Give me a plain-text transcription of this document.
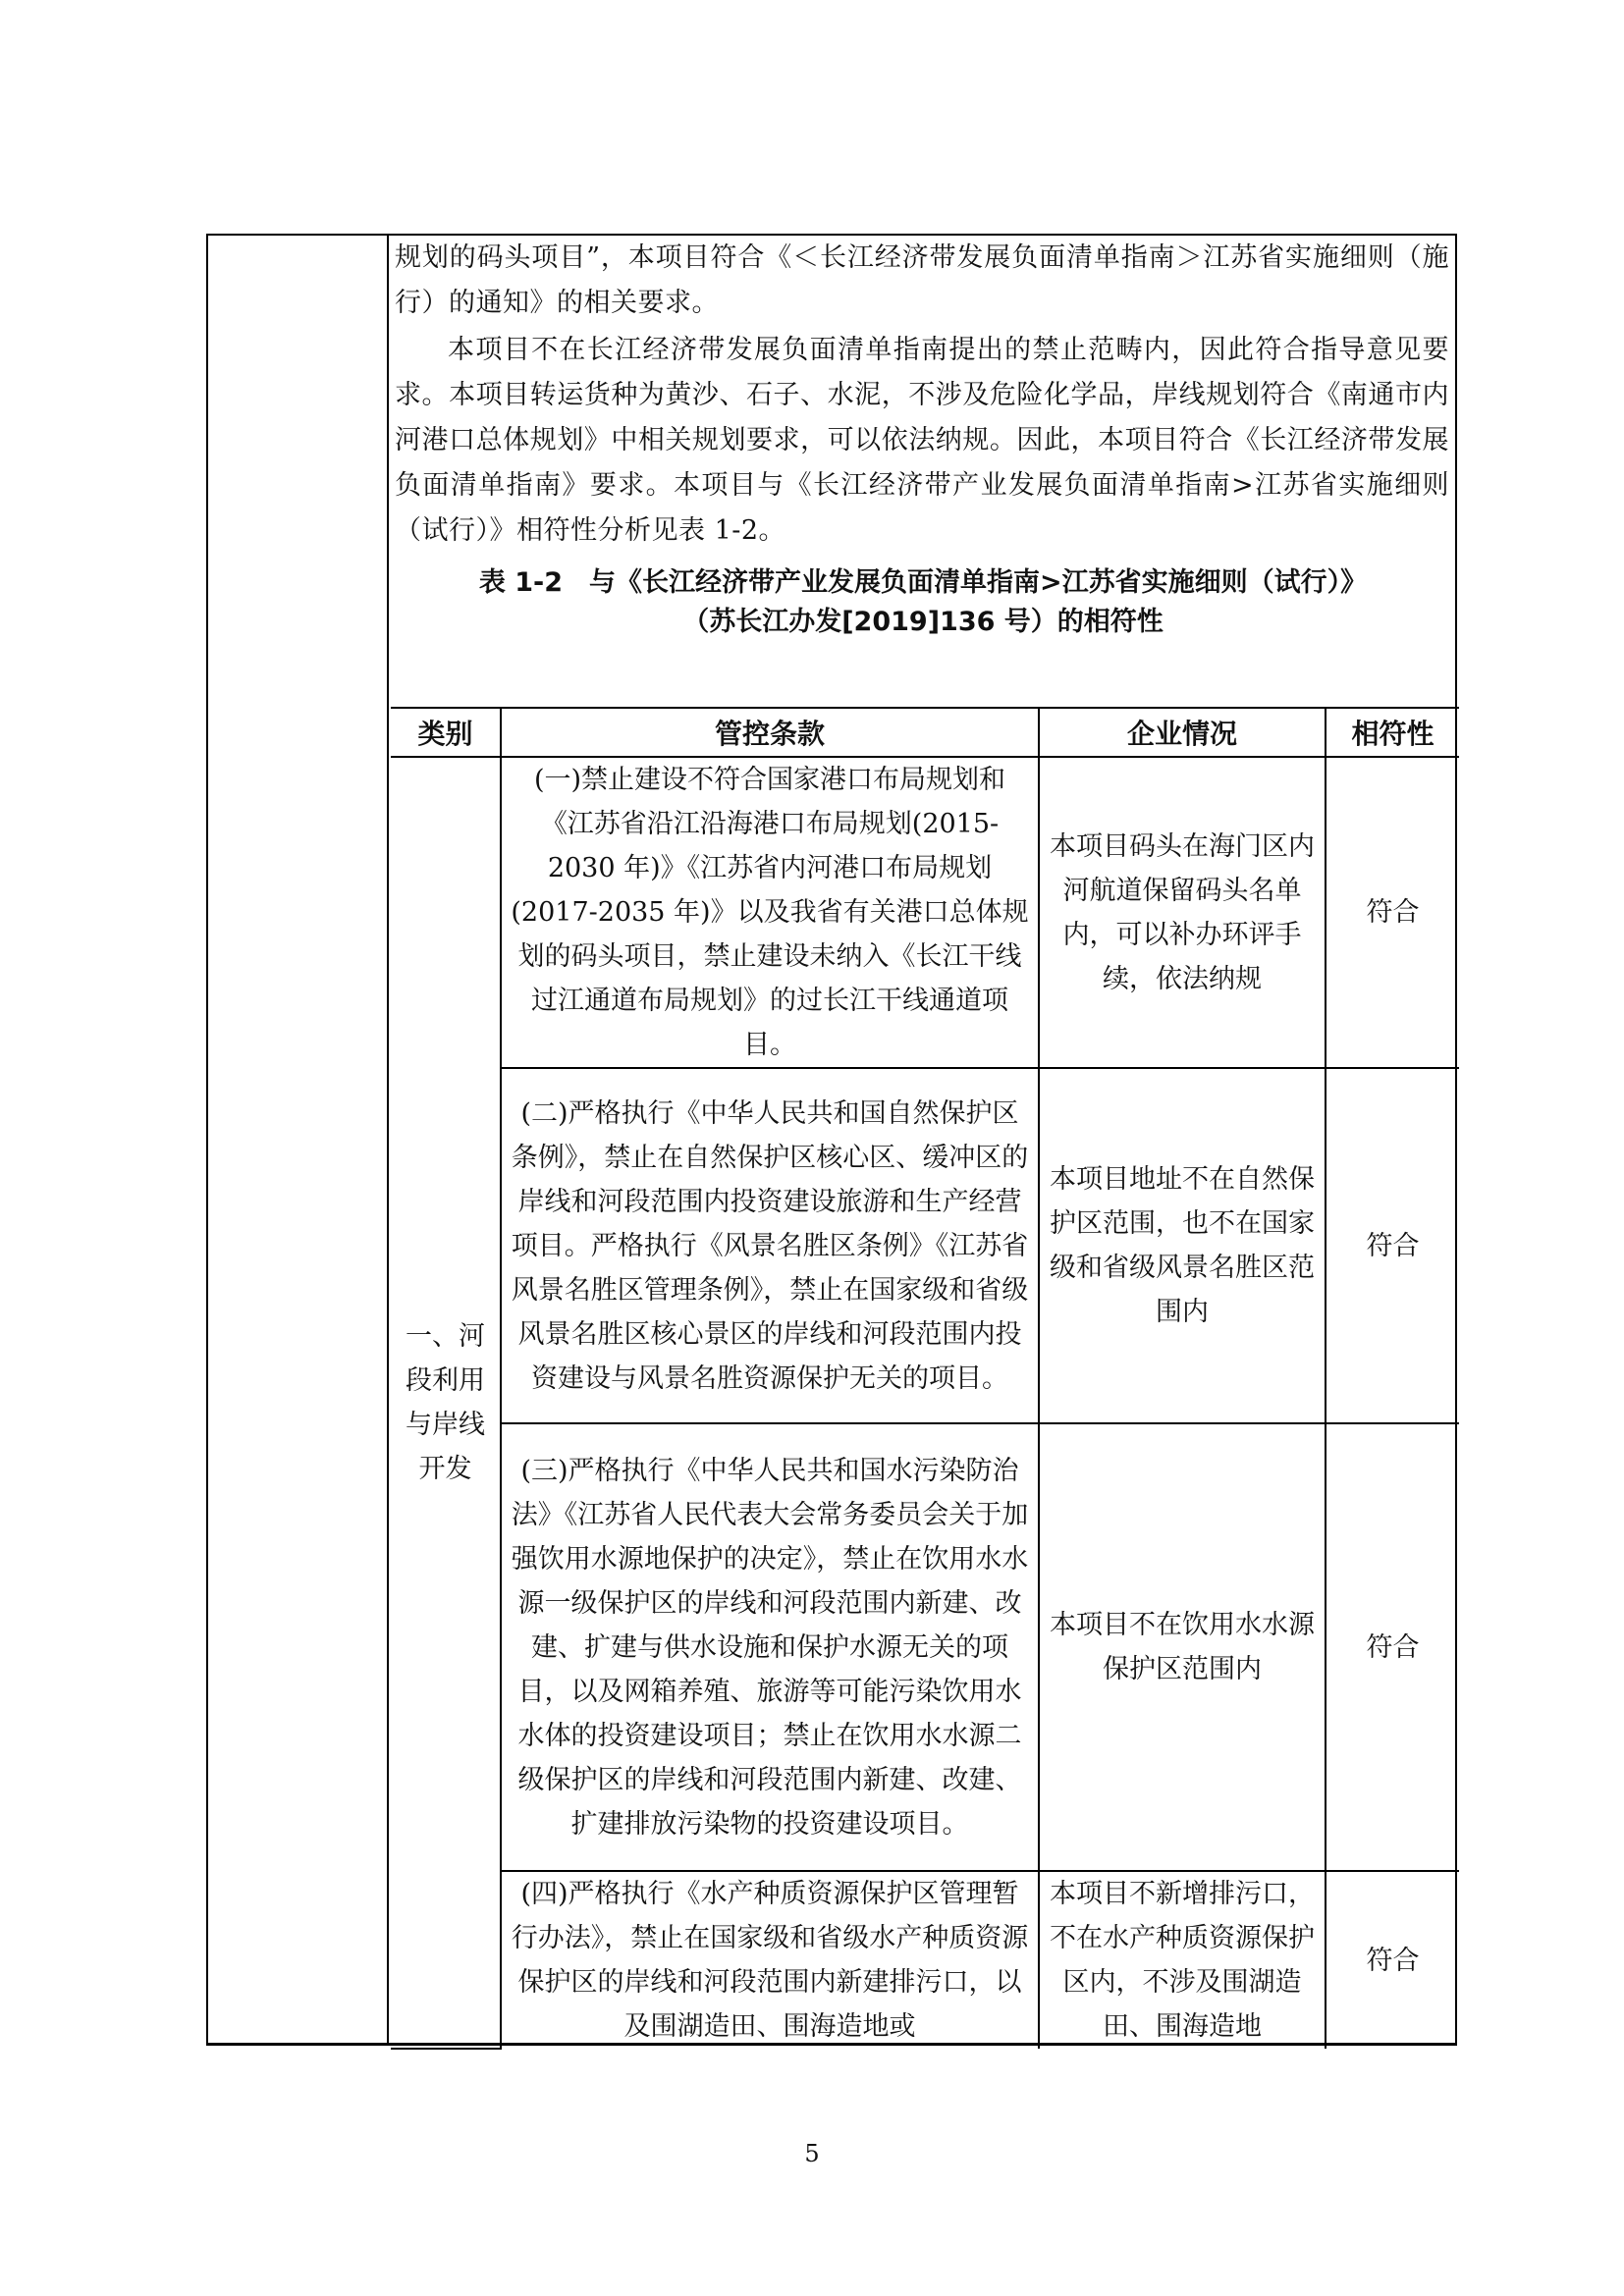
规划的码头项目”，本项目符合《＜长江经济带发展负面清单指南＞江苏省实施细则（施行）的通知》的相关要求。

本项目不在长江经济带发展负面清单指南提出的禁止范畴内，因此符合指导意见要求。本项目转运货种为黄沙、石子、水泥，不涉及危险化学品，岸线规划符合《南通市内河港口总体规划》中相关规划要求，可以依法纳规。因此，本项目符合《长江经济带发展负面清单指南》要求。本项目与《长江经济带产业发展负面清单指南>江苏省实施细则（试行）》相符性分析见表 1-2。

表 1-2　与《长江经济带产业发展负面清单指南>江苏省实施细则（试行）》
（苏长江办发[2019]136 号）的相符性
类别	管控条款	企业情况	相符性
一、河段利用与岸线开发	(一)禁止建设不符合国家港口布局规划和《江苏省沿江沿海港口布局规划(2015-2030 年)》《江苏省内河港口布局规划(2017-2035 年)》以及我省有关港口总体规划的码头项目，禁止建设未纳入《长江干线过江通道布局规划》的过长江干线通道项目。	本项目码头在海门区内河航道保留码头名单内，可以补办环评手续，依法纳规	符合
	(二)严格执行《中华人民共和国自然保护区条例》，禁止在自然保护区核心区、缓冲区的岸线和河段范围内投资建设旅游和生产经营项目。严格执行《风景名胜区条例》《江苏省风景名胜区管理条例》，禁止在国家级和省级风景名胜区核心景区的岸线和河段范围内投资建设与风景名胜资源保护无关的项目。	本项目地址不在自然保护区范围，也不在国家级和省级风景名胜区范围内	符合
	(三)严格执行《中华人民共和国水污染防治法》《江苏省人民代表大会常务委员会关于加强饮用水源地保护的决定》，禁止在饮用水水源一级保护区的岸线和河段范围内新建、改建、扩建与供水设施和保护水源无关的项目，以及网箱养殖、旅游等可能污染饮用水水体的投资建设项目；禁止在饮用水水源二级保护区的岸线和河段范围内新建、改建、扩建排放污染物的投资建设项目。	本项目不在饮用水水源保护区范围内	符合
	(四)严格执行《水产种质资源保护区管理暂行办法》，禁止在国家级和省级水产种质资源保护区的岸线和河段范围内新建排污口，以及围湖造田、围海造地或	本项目不新增排污口，不在水产种质资源保护区内，不涉及围湖造田、围海造地	符合
5
